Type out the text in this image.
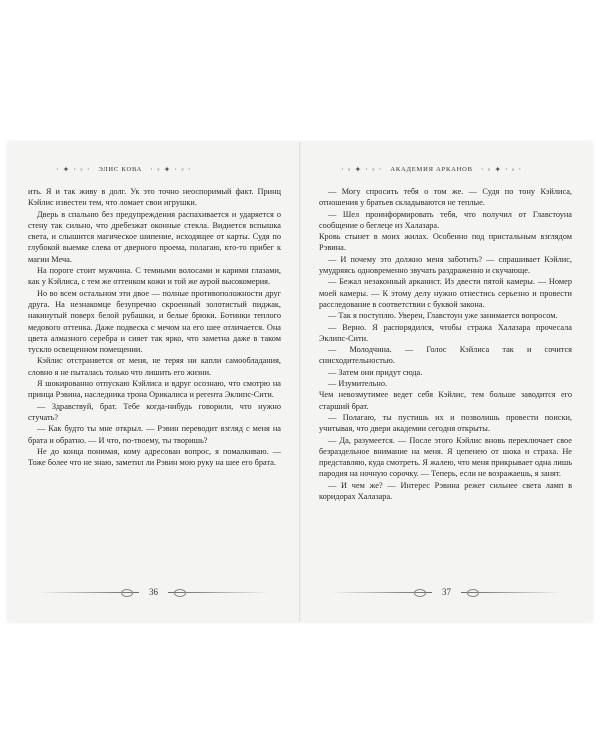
· ✦ · ◦ · ЭЛИС КОВА · ◦ ✦ · ◦ ·

ить. Я и так живу в долг. Ук это точно неоспоримый факт. Принц Кэйлис известен тем, что ломает свои игрушки.

Дверь в спальню без предупреждения распахивается и ударяется о стену так сильно, что дребезжат оконные стекла. Видиется вспышка света, и слышится магическое шипение, исходящее от карты. Судя по глубокой выемке слева от дверного проема, полагаю, кто-то прибег к магии Меча.

На пороге стоит мужчина. С темными волосами и карими глазами, как у Кэйлиса, с тем же оттенком кожи и той же аурой высокомерия.

Но во всем остальном эти двое — полные противоположности друг друга. На незнакомце безупречно скроенный золотистый пиджак, накинутый поверх белой рубашки, и белые брюки. Ботинки теплого медового оттенка. Даже подвеска с мечом на его шее отличается. Она цвета алмазного серебра и сияет так ярко, что заметна даже в таком тускло освещенном помещении.

Кэйлис отстраняется от меня, не теряя ни капли самообладания, словно я не пыталась только что лишить его жизни.

Я шокированно отпускаю Кэйлиса и вдруг осознаю, что смотрю на принца Рэвина, наследника трона Орикалиса и регента Эклипс-Сити.

— Здравствуй, брат. Тебе когда-нибудь говорили, что нужно стучать?

— Как будто ты мне открыл. — Рэвин переводит взгляд с меня на брата и обратно. — И что, по-твоему, ты творишь?

Не до конца понимая, кому адресован вопрос, я помалкиваю. — Тоже более что не знаю, заметил ли Рэвин мою руку на шее его брата.

36
· ◦ ✦ · ◦ · АКАДЕМИЯ АРКАНОВ · ◦ ✦ · ◦ ·

— Могу спросить тебя о том же. — Судя по тону Кэйлиса, отношения у братьев складываются не теплые.

— Шел проинформировать тебя, что получил от Главстоуна сообщение о беглеце из Халазара.

Кровь стынет в моих жилах. Особенно под пристальным взглядом Рэвина.

— И почему это должно меня заботить? — спрашивает Кэйлис, умудряясь одновременно звучать раздраженно и скучающе.

— Бежал незаконный арканист. Из двести пятой камеры. — Номер моей камеры. — К этому делу нужно отнестись серьезно и провести расследование в соответствии с буквой закона.

— Так я поступлю. Уверен, Главстоун уже занимается вопросом.

— Верно. Я распорядился, чтобы стража Халазара прочесала Эклипс-Сити.

— Молодчина. — Голос Кэйлиса так и сочится снисходительностью.

— Затем они придут сюда.

— Изумительно.

Чем невозмутимее ведет себя Кэйлис, тем больше заводится его старший брат.

— Полагаю, ты пустишь их и позволишь провести поиски, учитывая, что двери академии сегодня открыты.

— Да, разумеется. — После этого Кэйлис вновь переключает свое безраздельное внимание на меня. Я цепенею от шока и страха. Не представляю, куда смотреть. Я жалею, что меня прикрывает одна лишь пародия на ночную сорочку. — Теперь, если не возражаешь, я занят.

— И чем же? — Интерес Рэвина режет сильнее света ламп в коридорах Халазара.

37
